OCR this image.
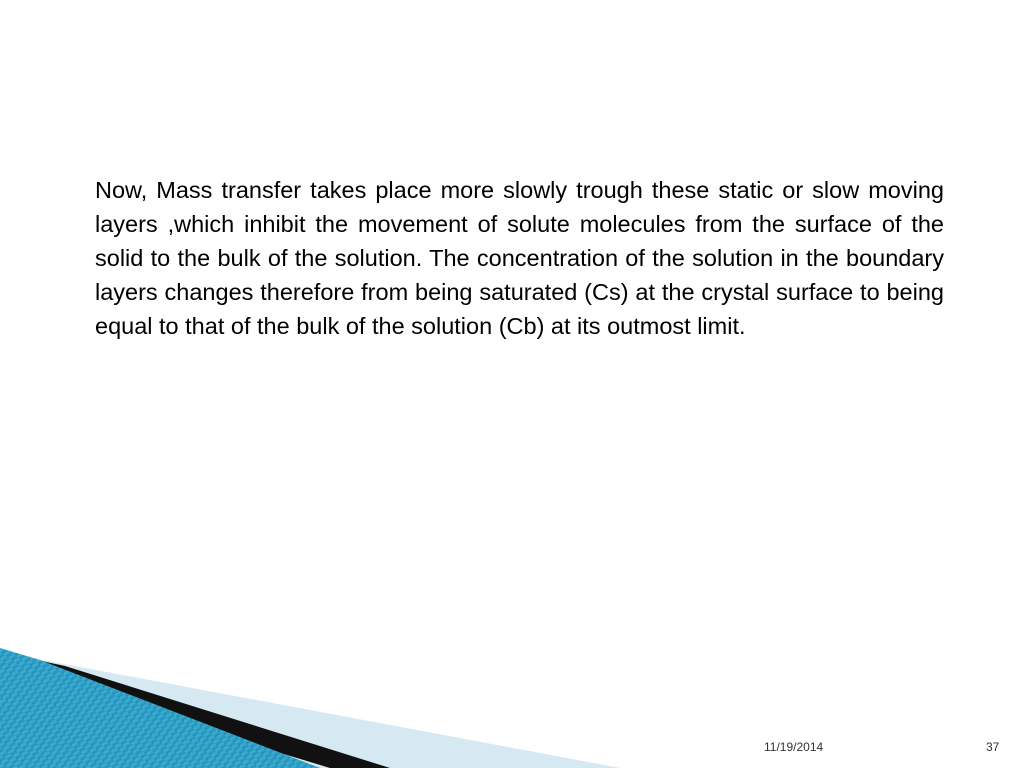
Now, Mass transfer takes place more slowly trough these static or slow moving layers ,which inhibit the movement of solute molecules from the surface of the solid to the bulk of the solution. The concentration of the solution in the boundary layers changes therefore from being saturated (Cs) at the crystal surface to being equal to that of the bulk of the solution (Cb) at its outmost limit.

11/19/2014	37
